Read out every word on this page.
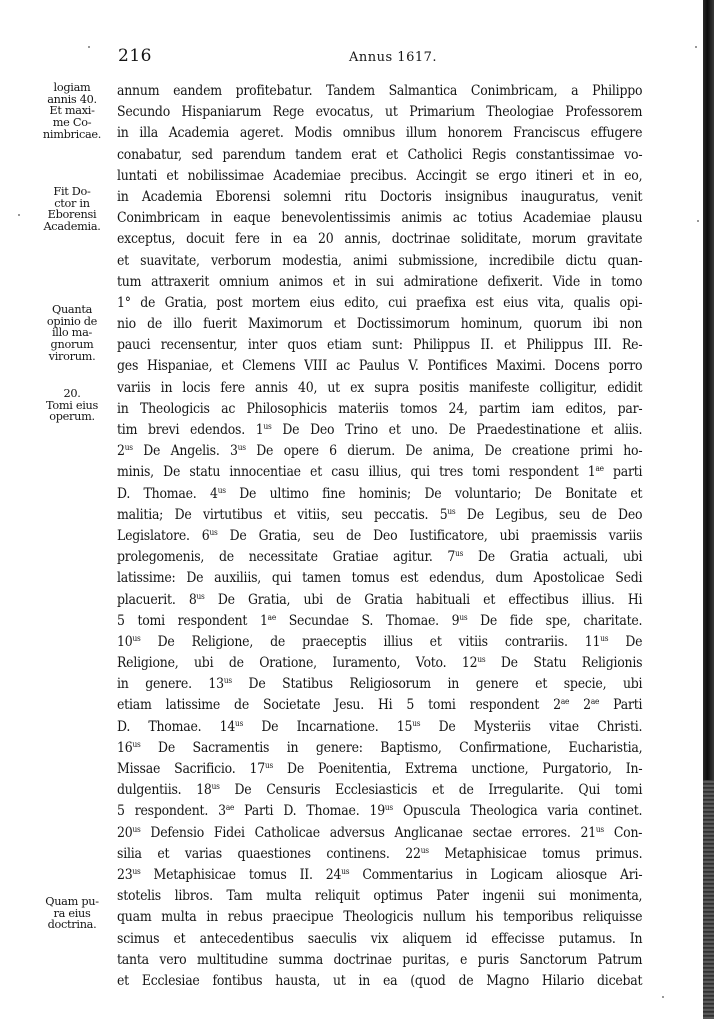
216	Annus 1617.
logiam
annis 40.
Et maxi-
me Co-
nimbricae.
Fit Do-
ctor in
Eborensi
Academia.
Quanta
opinio de
illo ma-
gnorum
virorum.
20.
Tomi eius
operum.
Quam pu-
ra eius
doctrina.
annum eandem profitebatur. Tandem Salmantica Conimbricam, a Philippo
Secundo Hispaniarum Rege evocatus, ut Primarium Theologiae Professorem
in illa Academia ageret. Modis omnibus illum honorem Franciscus effugere
conabatur, sed parendum tandem erat et Catholici Regis constantissimae vo-
luntati et nobilissimae Academiae precibus. Accingit se ergo itineri et in eo,
in Academia Eborensi solemni ritu Doctoris insignibus inauguratus, venit
Conimbricam in eaque benevolentissimis animis ac totius Academiae plausu
exceptus, docuit fere in ea 20 annis, doctrinae soliditate, morum gravitate
et suavitate, verborum modestia, animi submissione, incredibile dictu quan-
tum attraxerit omnium animos et in sui admiratione defixerit. Vide in tomo
1° de Gratia, post mortem eius edito, cui praefixa est eius vita, qualis opi-
nio de illo fuerit Maximorum et Doctissimorum hominum, quorum ibi non
pauci recensentur, inter quos etiam sunt: Philippus II. et Philippus III. Re-
ges Hispaniae, et Clemens VIII ac Paulus V. Pontifices Maximi. Docens porro
variis in locis fere annis 40, ut ex supra positis manifeste colligitur, edidit
in Theologicis ac Philosophicis materiis tomos 24, partim iam editos, par-
tim brevi edendos. $1^{us}$ De Deo Trino et uno. De Praedestinatione et aliis.
$2^{us}$ De Angelis. $3^{us}$ De opere 6 dierum. De anima, De creatione primi ho-
minis, De statu innocentiae et casu illius, qui tres tomi respondent $1^{ae}$ parti
D. Thomae. $4^{us}$ De ultimo fine hominis; De voluntario; De Bonitate et
malitia; De virtutibus et vitiis, seu peccatis. $5^{us}$ De Legibus, seu de Deo
Legislatore. $6^{us}$ De Gratia, seu de Deo Iustificatore, ubi praemissis variis
prolegomenis, de necessitate Gratiae agitur. $7^{us}$ De Gratia actuali, ubi
latissime: De auxiliis, qui tamen tomus est edendus, dum Apostolicae Sedi
placuerit. $8^{us}$ De Gratia, ubi de Gratia habituali et effectibus illius. Hi
5 tomi respondent $1^{ae}$ Secundae S. Thomae. $9^{us}$ De fide spe, charitate.
$10^{us}$ De Religione, de praeceptis illius et vitiis contrariis. $11^{us}$ De
Religione, ubi de Oratione, Iuramento, Voto. $12^{us}$ De Statu Religionis
in genere. $13^{us}$ De Statibus Religiosorum in genere et specie, ubi
etiam latissime de Societate Jesu. Hi 5 tomi respondent $2^{ae}$ $2^{ae}$ Parti
D. Thomae. $14^{us}$ De Incarnatione. $15^{us}$ De Mysteriis vitae Christi.
$16^{us}$ De Sacramentis in genere: Baptismo, Confirmatione, Eucharistia,
Missae Sacrificio. $17^{us}$ De Poenitentia, Extrema unctione, Purgatorio, In-
dulgentiis. $18^{us}$ De Censuris Ecclesiasticis et de Irregularite. Qui tomi
5 respondent. $3^{ae}$ Parti D. Thomae. $19^{us}$ Opuscula Theologica varia continet.
$20^{us}$ Defensio Fidei Catholicae adversus Anglicanae sectae errores. $21^{us}$ Con-
silia et varias quaestiones continens. $22^{us}$ Metaphisicae tomus primus.
$23^{us}$ Metaphisicae tomus II. $24^{us}$ Commentarius in Logicam aliosque Ari-
stotelis libros. Tam multa reliquit optimus Pater ingenii sui monimenta,
quam multa in rebus praecipue Theologicis nullum his temporibus reliquisse
scimus et antecedentibus saeculis vix aliquem id effecisse putamus. In
tanta vero multitudine summa doctrinae puritas, e puris Sanctorum Patrum
et Ecclesiae fontibus hausta, ut in ea (quod de Magno Hilario dicebat
